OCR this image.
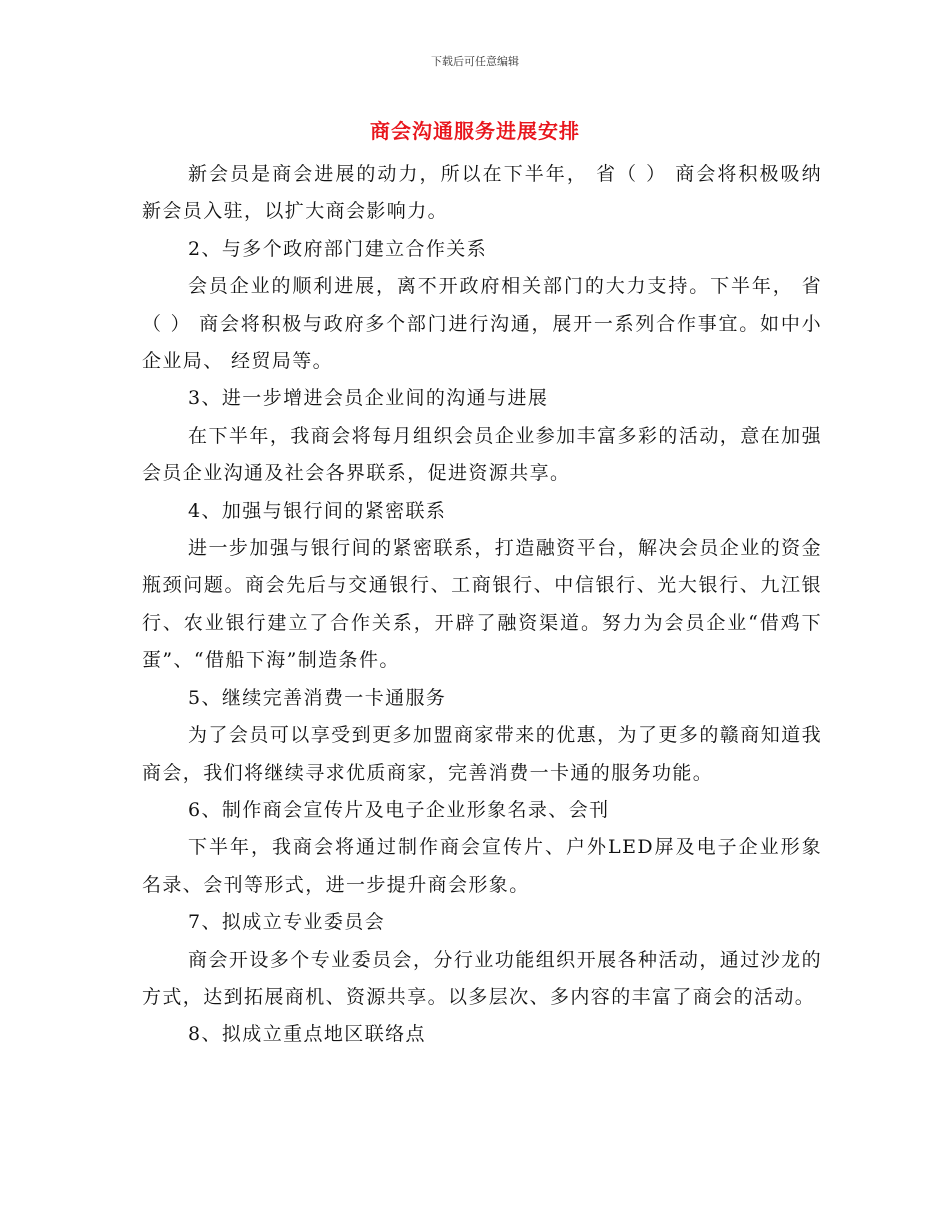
下载后可任意编辑
商会沟通服务进展安排

新会员是商会进展的动力，所以在下半年， 省（ ） 商会将积极吸纳新会员入驻，以扩大商会影响力。

2、与多个政府部门建立合作关系

会员企业的顺利进展，离不开政府相关部门的大力支持。下半年， 省（ ） 商会将积极与政府多个部门进行沟通，展开一系列合作事宜。如中小企业局、 经贸局等。

3、进一步增进会员企业间的沟通与进展

在下半年，我商会将每月组织会员企业参加丰富多彩的活动，意在加强会员企业沟通及社会各界联系，促进资源共享。

4、加强与银行间的紧密联系

进一步加强与银行间的紧密联系，打造融资平台，解决会员企业的资金瓶颈问题。商会先后与交通银行、工商银行、中信银行、光大银行、九江银行、农业银行建立了合作关系，开辟了融资渠道。努力为会员企业“借鸡下蛋”、“借船下海”制造条件。

5、继续完善消费一卡通服务

为了会员可以享受到更多加盟商家带来的优惠，为了更多的赣商知道我商会，我们将继续寻求优质商家，完善消费一卡通的服务功能。

6、制作商会宣传片及电子企业形象名录、会刊

下半年，我商会将通过制作商会宣传片、户外LED屏及电子企业形象名录、会刊等形式，进一步提升商会形象。

7、拟成立专业委员会

商会开设多个专业委员会，分行业功能组织开展各种活动，通过沙龙的方式，达到拓展商机、资源共享。以多层次、多内容的丰富了商会的活动。

8、拟成立重点地区联络点
